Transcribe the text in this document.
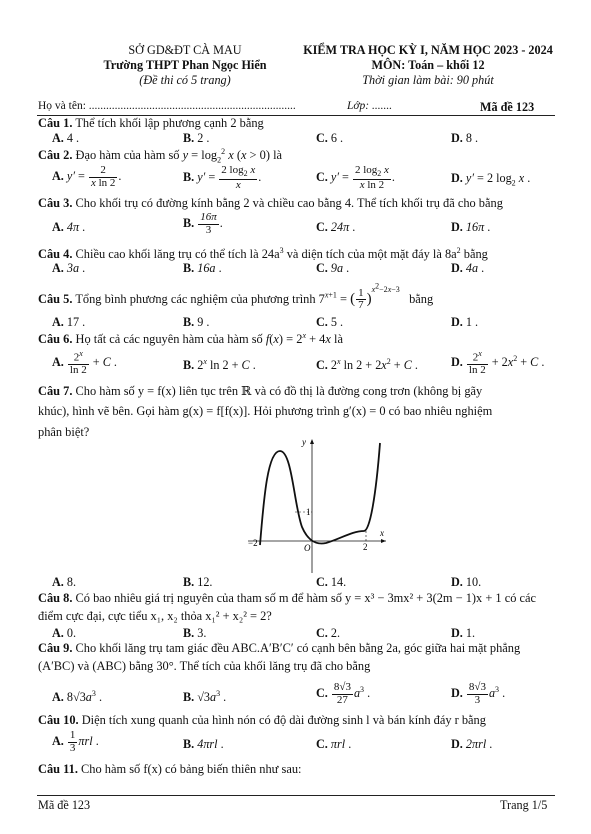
SỞ GD&ĐT CÀ MAU
Trường THPT Phan Ngọc Hiển
(Đề thi có 5 trang)
KIỂM TRA HỌC KỲ I, NĂM HỌC 2023 - 2024
MÔN: Toán – khối 12
Thời gian làm bài: 90 phút
Họ và tên: ........................................................................	Lớp: .......	Mã đề 123
Câu 1. Thể tích khối lập phương cạnh 2 bằng
A. 4 .	B. 2 .	C. 6 .	D. 8 .
Câu 2. Đạo hàm của hàm số $y = \log_2^2 x$ (x > 0) là
A. $y' = \frac{2}{\text{x ln 2}}$ .	B. $y' = \frac{2 \log_2 x}{x}$ .	C. $y' = \frac{2 \log_2 x}{\text{x ln 2}}$ .	D. y′ = 2 $\log_2 x$ .
Câu 3. Cho khối trụ có đường kính bằng 2 và chiều cao bằng 4. Thể tích khối trụ đã cho bằng
A. 4π .	B. $\frac{16\pi}{3}$ .	C. 24π .	D. 16π .
Câu 4. Chiều cao khối lăng trụ có thể tích là $24a^3$ và diện tích của một mặt đáy là $8a^2$ bằng
A. 3a .	B. 16a .	C. 9a .	D. 4a .
Câu 5. Tổng bình phương các nghiệm của phương trình $7^{x+1}$ = ( $\frac{1}{7} )^{x^2-2x-3}$   bằng
A. 17 .	B. 9 .	C. 5 .	D. 1 .
Câu 6. Họ tất cả các nguyên hàm của hàm số $f(x) = 2^x + 4x$ là
A. $\frac{2^x}{\ln 2} + C$ .	B. 2$^x$ ln 2 + C .	C. 2$^x$ $\ln 2 + 2x^2 + C$ .	D. $\frac{2^x}{\ln 2} + 2x^2 + C$ .
Câu 7. Cho hàm số y = f(x) liên tục trên ℝ và có đồ thị là đường cong trơn (không bị gãy
khúc), hình vẽ bên. Gọi hàm g(x) = f[f(x)]. Hỏi phương trình g′(x) = 0 có bao nhiêu nghiệm
phân biệt?
y
x
O
−2	2
1
A. 8.	B. 12.	C. 14.	D. 10.
Câu 8. Có bao nhiêu giá trị nguyên của tham số m để hàm số y = x³ − 3mx² + 3(2m − 1)x + 1 có các
điểm cực đại, cực tiểu x₁, x₂ thỏa x₁² + x₂² = 2?
A. 0.	B. 3.	C. 2.	D. 1.
Câu 9. Cho khối lăng trụ tam giác đều ABC.A′B′C′ có cạnh bên bằng 2a, góc giữa hai mặt phẳng
(A′BC) và (ABC) bằng 30°. Thể tích của khối lăng trụ đã cho bằng
A. $8√3a^3$ .	B. $√3a^3$ .	C. $\frac{8√3}{27} a^3$ .	D. $\frac{8√3}{3} a^3$ .
Câu 10. Diện tích xung quanh của hình nón có độ dài đường sinh l và bán kính đáy r bằng
A. $\frac{1}{3}$ πrl .	B. 4πrl .	C. πrl .	D. 2πrl .
Câu 11. Cho hàm số f(x) có bảng biến thiên như sau:
Mã đề 123	Trang 1/5
